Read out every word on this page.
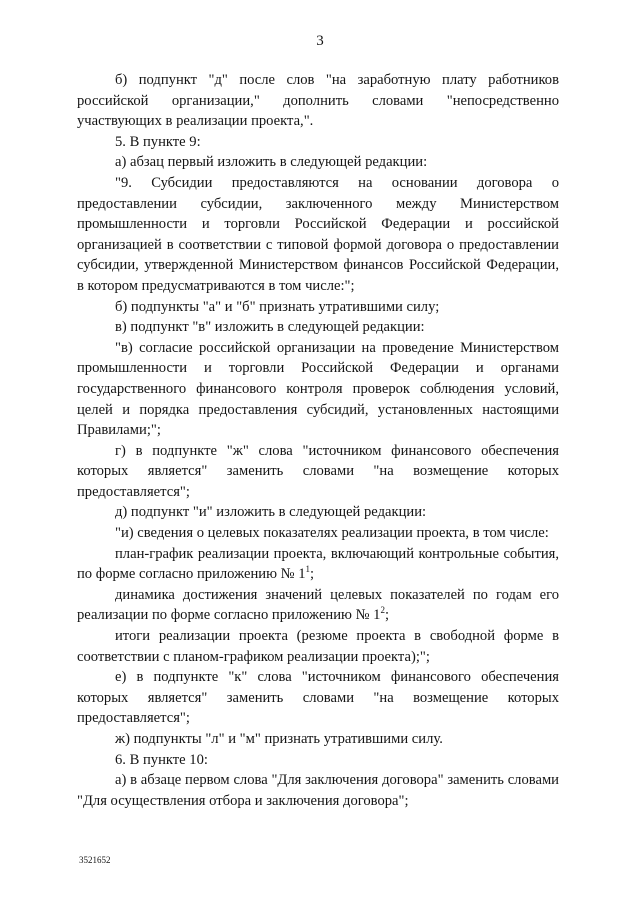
3

б) подпункт "д" после слов "на заработную плату работников российской организации," дополнить словами "непосредственно участвующих в реализации проекта,".

5. В пункте 9:

а) абзац первый изложить в следующей редакции:

"9. Субсидии предоставляются на основании договора о предоставлении субсидии, заключенного между Министерством промышленности и торговли Российской Федерации и российской организацией в соответствии с типовой формой договора о предоставлении субсидии, утвержденной Министерством финансов Российской Федерации, в котором предусматриваются в том числе:";

б) подпункты "а" и "б" признать утратившими силу;

в) подпункт "в" изложить в следующей редакции:

"в) согласие российской организации на проведение Министерством промышленности и торговли Российской Федерации и органами государственного финансового контроля проверок соблюдения условий, целей и порядка предоставления субсидий, установленных настоящими Правилами;";

г) в подпункте "ж" слова "источником финансового обеспечения которых является" заменить словами "на возмещение которых предоставляется";

д) подпункт "и" изложить в следующей редакции:

"и) сведения о целевых показателях реализации проекта, в том числе:

план-график реализации проекта, включающий контрольные события, по форме согласно приложению № $1^1$;

динамика достижения значений целевых показателей по годам его реализации по форме согласно приложению № $1^2$;

итоги реализации проекта (резюме проекта в свободной форме в соответствии с планом-графиком реализации проекта);";

е) в подпункте "к" слова "источником финансового обеспечения которых является" заменить словами "на возмещение которых предоставляется";

ж) подпункты "л" и "м" признать утратившими силу.

6. В пункте 10:

а) в абзаце первом слова "Для заключения договора" заменить словами "Для осуществления отбора и заключения договора";

3521652
